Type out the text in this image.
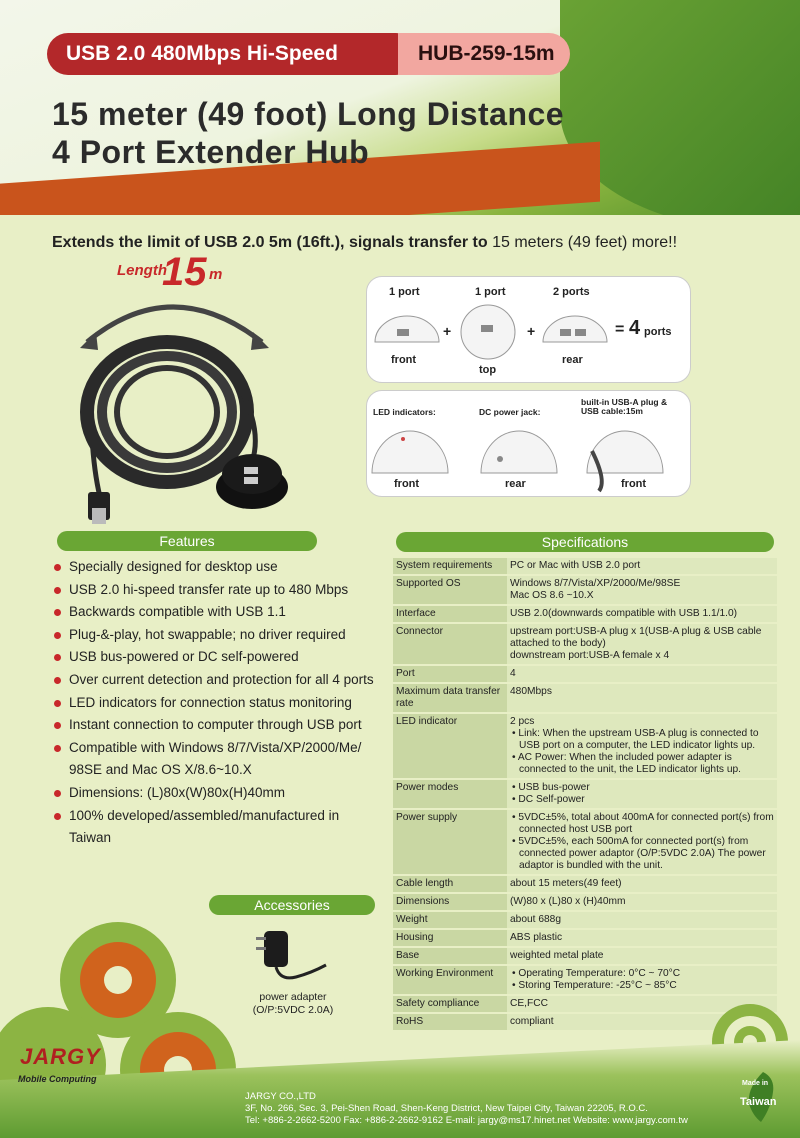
USB 2.0 480Mbps Hi-Speed	HUB-259-15m
15 meter (49 foot) Long Distance
4 Port Extender Hub
Extends the limit of USB 2.0 5m (16ft.), signals transfer to 15 meters (49 feet) more!!
Length
15 m
1 port	1 port	2 ports
+	+	= 4 ports
front
top
rear
LED indicators:	DC power jack:
built-in USB-A plug &
USB cable:15m
front	rear	front
Features
Specially designed for desktop use
USB 2.0 hi-speed transfer rate up to 480 Mbps
Backwards compatible with USB 1.1
Plug-&-play, hot swappable; no driver required
USB bus-powered or DC self-powered
Over current detection and protection for all 4 ports
LED indicators for connection status monitoring
Instant connection to computer through USB port
Compatible with Windows 8/7/Vista/XP/2000/Me/ 98SE and Mac OS X/8.6~10.X
Dimensions: (L)80x(W)80x(H)40mm
100% developed/assembled/manufactured in Taiwan
Specifications
System requirements	PC or Mac with USB 2.0 port

Supported OS	Windows 8/7/Vista/XP/2000/Me/98SE
Mac OS 8.6 ~10.X

Interface	USB 2.0(downwards compatible with USB 1.1/1.0)

Connector	upstream port:USB-A plug x 1(USB-A plug & USB cable attached to the body)
downstream port:USB-A female x 4

Port	4

Maximum data transfer rate	480Mbps

LED indicator	2 pcs
• Link: When the upstream USB-A plug is connected to USB port on a computer, the LED indicator lights up.
• AC Power: When the included power adapter is connected to the unit, the LED indicator lights up.

Power modes	• USB bus-power
• DC Self-power

Power supply	• 5VDC±5%, total about 400mA for connected port(s) from connected host USB port
• 5VDC±5%, each 500mA for connected port(s) from connected power adaptor (O/P:5VDC 2.0A) The power adaptor is bundled with the unit.

Cable length	about 15 meters(49 feet)

Dimensions	(W)80 x (L)80 x (H)40mm

Weight	about 688g

Housing	ABS plastic

Base	weighted metal plate

Working Environment	• Operating Temperature: 0°C ~ 70°C
• Storing Temperature: -25°C ~ 85°C

Safety compliance	CE,FCC

RoHS	compliant
Accessories
power adapter
(O/P:5VDC 2.0A)
JARGY
Mobile Computing
JARGY CO.,LTD
3F, No. 266, Sec. 3, Pei-Shen Road, Shen-Keng District, New Taipei City, Taiwan 22205, R.O.C.
Tel: +886-2-2662-5200 Fax: +886-2-2662-9162 E-mail: jargy@ms17.hinet.net Website: www.jargy.com.tw
Made in
Taiwan
